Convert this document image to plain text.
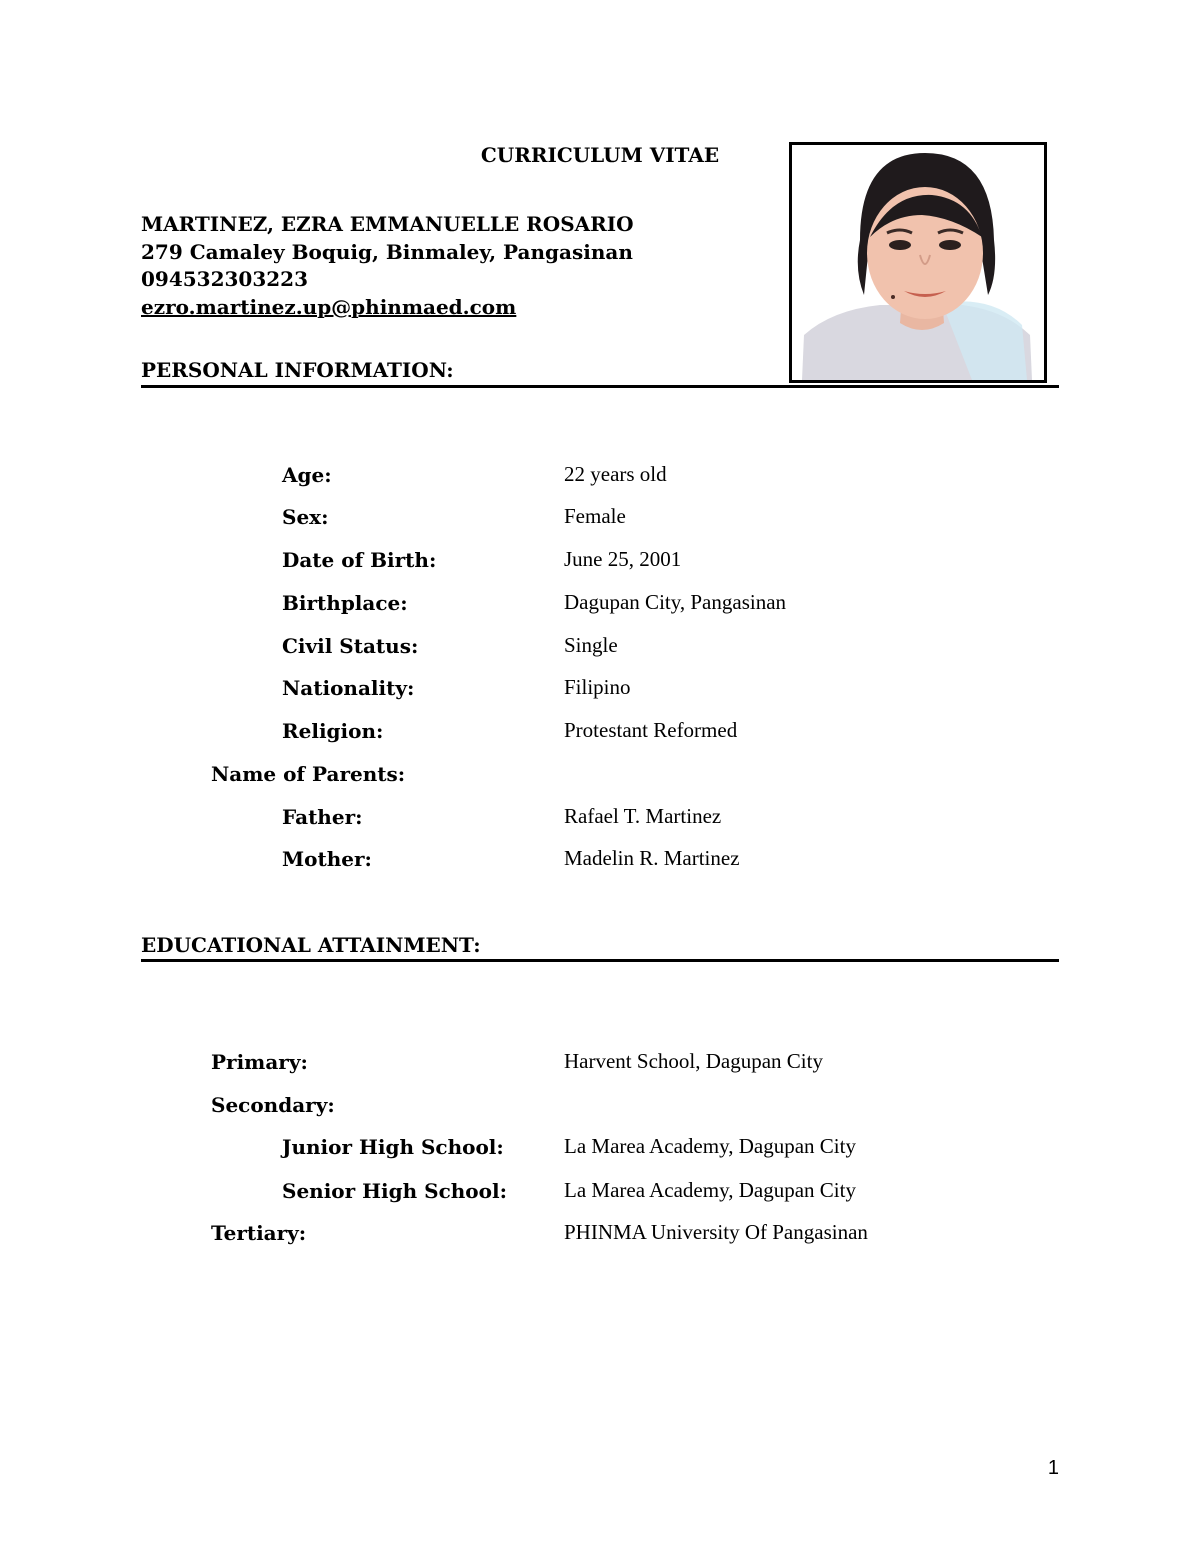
CURRICULUM VITAE
MARTINEZ, EZRA EMMANUELLE ROSARIO
279 Camaley Boquig, Binmaley, Pangasinan
094532303223
ezro.martinez.up@phinmaed.com
PERSONAL INFORMATION:
Age:	22 years old
Sex:	Female
Date of Birth:	June 25, 2001
Birthplace:	Dagupan City, Pangasinan
Civil Status:	Single
Nationality:	Filipino
Religion:	Protestant Reformed
Name of Parents:
Father:	Rafael T. Martinez
Mother:	Madelin R. Martinez
EDUCATIONAL ATTAINMENT:
Primary:	Harvent School, Dagupan City
Secondary:
Junior High School:	La Marea Academy, Dagupan City
Senior High School:	La Marea Academy, Dagupan City
Tertiary:	PHINMA University Of Pangasinan
1
